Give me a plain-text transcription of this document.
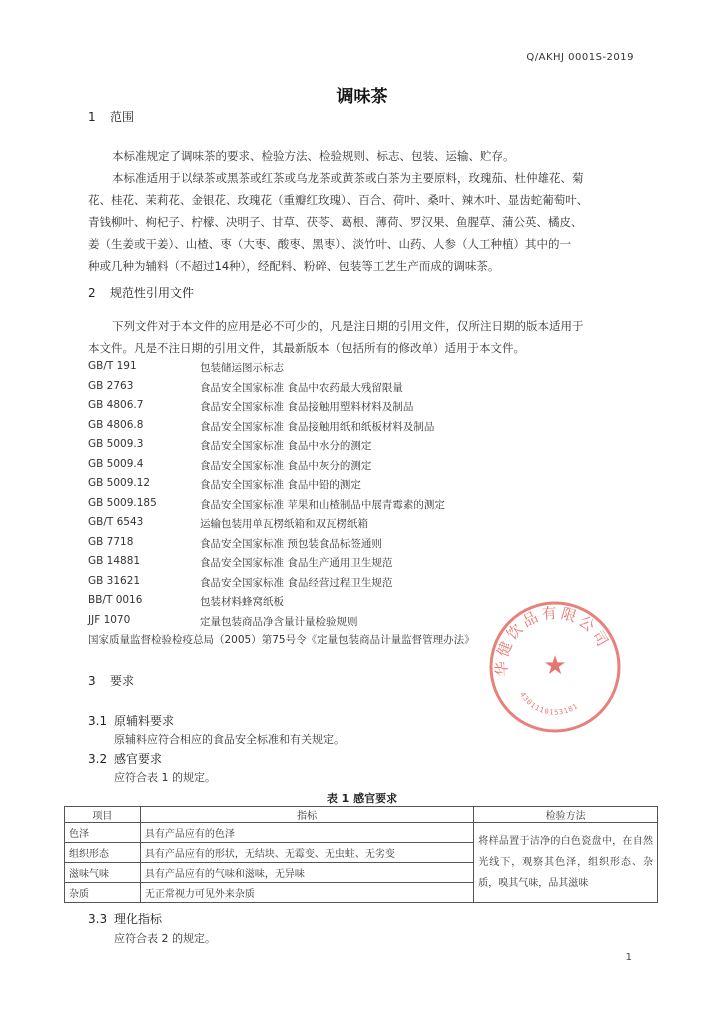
Q/AKHJ 0001S-2019
调味茶
1 范围
本标准规定了调味茶的要求、检验方法、检验规则、标志、包装、运输、贮存。
本标准适用于以绿茶或黑茶或红茶或乌龙茶或黄茶或白茶为主要原料，玫瑰茄、杜仲雄花、菊
花、桂花、茉莉花、金银花、玫瑰花（重瓣红玫瑰）、百合、荷叶、桑叶、辣木叶、显齿蛇葡萄叶、
青钱柳叶、枸杞子、柠檬、决明子、甘草、茯苓、葛根、薄荷、罗汉果、鱼腥草、蒲公英、橘皮、
姜（生姜或干姜）、山楂、枣（大枣、酸枣、黑枣）、淡竹叶、山药、人参（人工种植）其中的一
种或几种为辅料（不超过14种），经配料、粉碎、包装等工艺生产而成的调味茶。
2 规范性引用文件
下列文件对于本文件的应用是必不可少的，凡是注日期的引用文件，仅所注日期的版本适用于
本文件。凡是不注日期的引用文件，其最新版本（包括所有的修改单）适用于本文件。
GB/T 191	包装储运图示标志
GB 2763	食品安全国家标准 食品中农药最大残留限量
GB 4806.7	食品安全国家标准 食品接触用塑料材料及制品
GB 4806.8	食品安全国家标准 食品接触用纸和纸板材料及制品
GB 5009.3	食品安全国家标准 食品中水分的测定
GB 5009.4	食品安全国家标准 食品中灰分的测定
GB 5009.12	食品安全国家标准 食品中铅的测定
GB 5009.185	食品安全国家标准 苹果和山楂制品中展青霉素的测定
GB/T 6543	运输包装用单瓦楞纸箱和双瓦楞纸箱
GB 7718	食品安全国家标准 预包装食品标签通则
GB 14881	食品安全国家标准 食品生产通用卫生规范
GB 31621	食品安全国家标准 食品经营过程卫生规范
BB/T 0016	包装材料蜂窝纸板
JJF 1070	定量包装商品净含量计量检验规则
国家质量监督检验检疫总局（2005）第75号令《定量包装商品计量监督管理办法》
3 要求
3.1 原辅料要求
原辅料应符合相应的食品安全标准和有关规定。
3.2 感官要求
应符合表 1 的规定。
表 1 感官要求
项目	指标	检验方法
色泽	具有产品应有的色泽	将样品置于洁净的白色瓷盘中，在自然光线下，观察其色泽，组织形态、杂质，嗅其气味，品其滋味
组织形态	具有产品应有的形状，无结块、无霉变、无虫蛀、无劣变	
滋味气味	具有产品应有的气味和滋味，无异味	
杂质	无正常视力可见外来杂质	
3.3 理化指标
应符合表 2 的规定。
1
华健饮品有限公司
★
4301110153181
